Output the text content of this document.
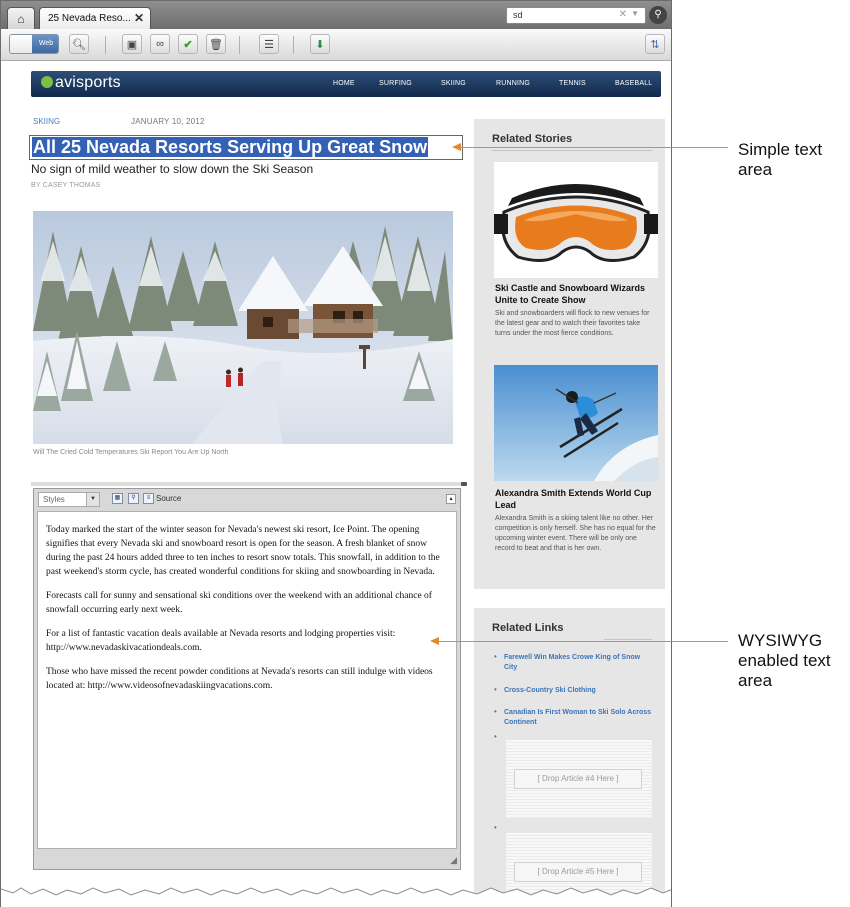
⌂	25 Nevada Reso... ✕	sd	✕ ▼	⚲
Web	🔍︎	▣ ∞ ✔ 🗑︎	☰	⬇	⇅
avisports	HOME	SURFING	SKIING	RUNNING	TENNIS	BASEBALL
SKIING	JANUARY 10, 2012
All 25 Nevada Resorts Serving Up Great Snow
No sign of mild weather to slow down the Ski Season
BY CASEY THOMAS
Will The Cried Cold Temperatures Ski Report You Are Up North
Styles	▼	▦	⚲	≡ Source	▴

Today marked the start of the winter season for Nevada's newest ski resort, Ice Point. The opening signifies that every Nevada ski and snowboard resort is open for the season. A fresh blanket of snow during the past 24 hours added three to ten inches to resort snow totals. This snowfall, in addition to the past weekend's storm cycle, has created wonderful conditions for skiing and snowboarding in Nevada.

Forecasts call for sunny and sensational ski conditions over the weekend with an additional chance of snowfall occurring early next week.

For a list of fantastic vacation deals available at Nevada resorts and lodging properties visit: http://www.nevadaskivacationdeals.com.

Those who have missed the recent powder conditions at Nevada's resorts can still indulge with videos located at: http://www.videosofnevadaskiingvacations.com.

◢
Related Stories
Ski Castle and Snowboard Wizards Unite to Create Show
Ski and snowboarders will flock to new venues for the latest gear and to watch their favorites take turns under the most fierce conditions.
Alexandra Smith Extends World Cup Lead
Alexandra Smith is a skiing talent like no other. Her competition is only herself. She has no equal for the upcoming winter event. There will be only one record to beat and that is her own.
Related Links
• Farewell Win Makes Crowe King of Snow City
• Cross-Country Ski Clothing
• Canadian Is First Woman to Ski Solo Across Continent
•
[ Drop Article #4 Here ]
•
[ Drop Article #5 Here ]
Simple text
area
WYSIWYG
enabled text
area
